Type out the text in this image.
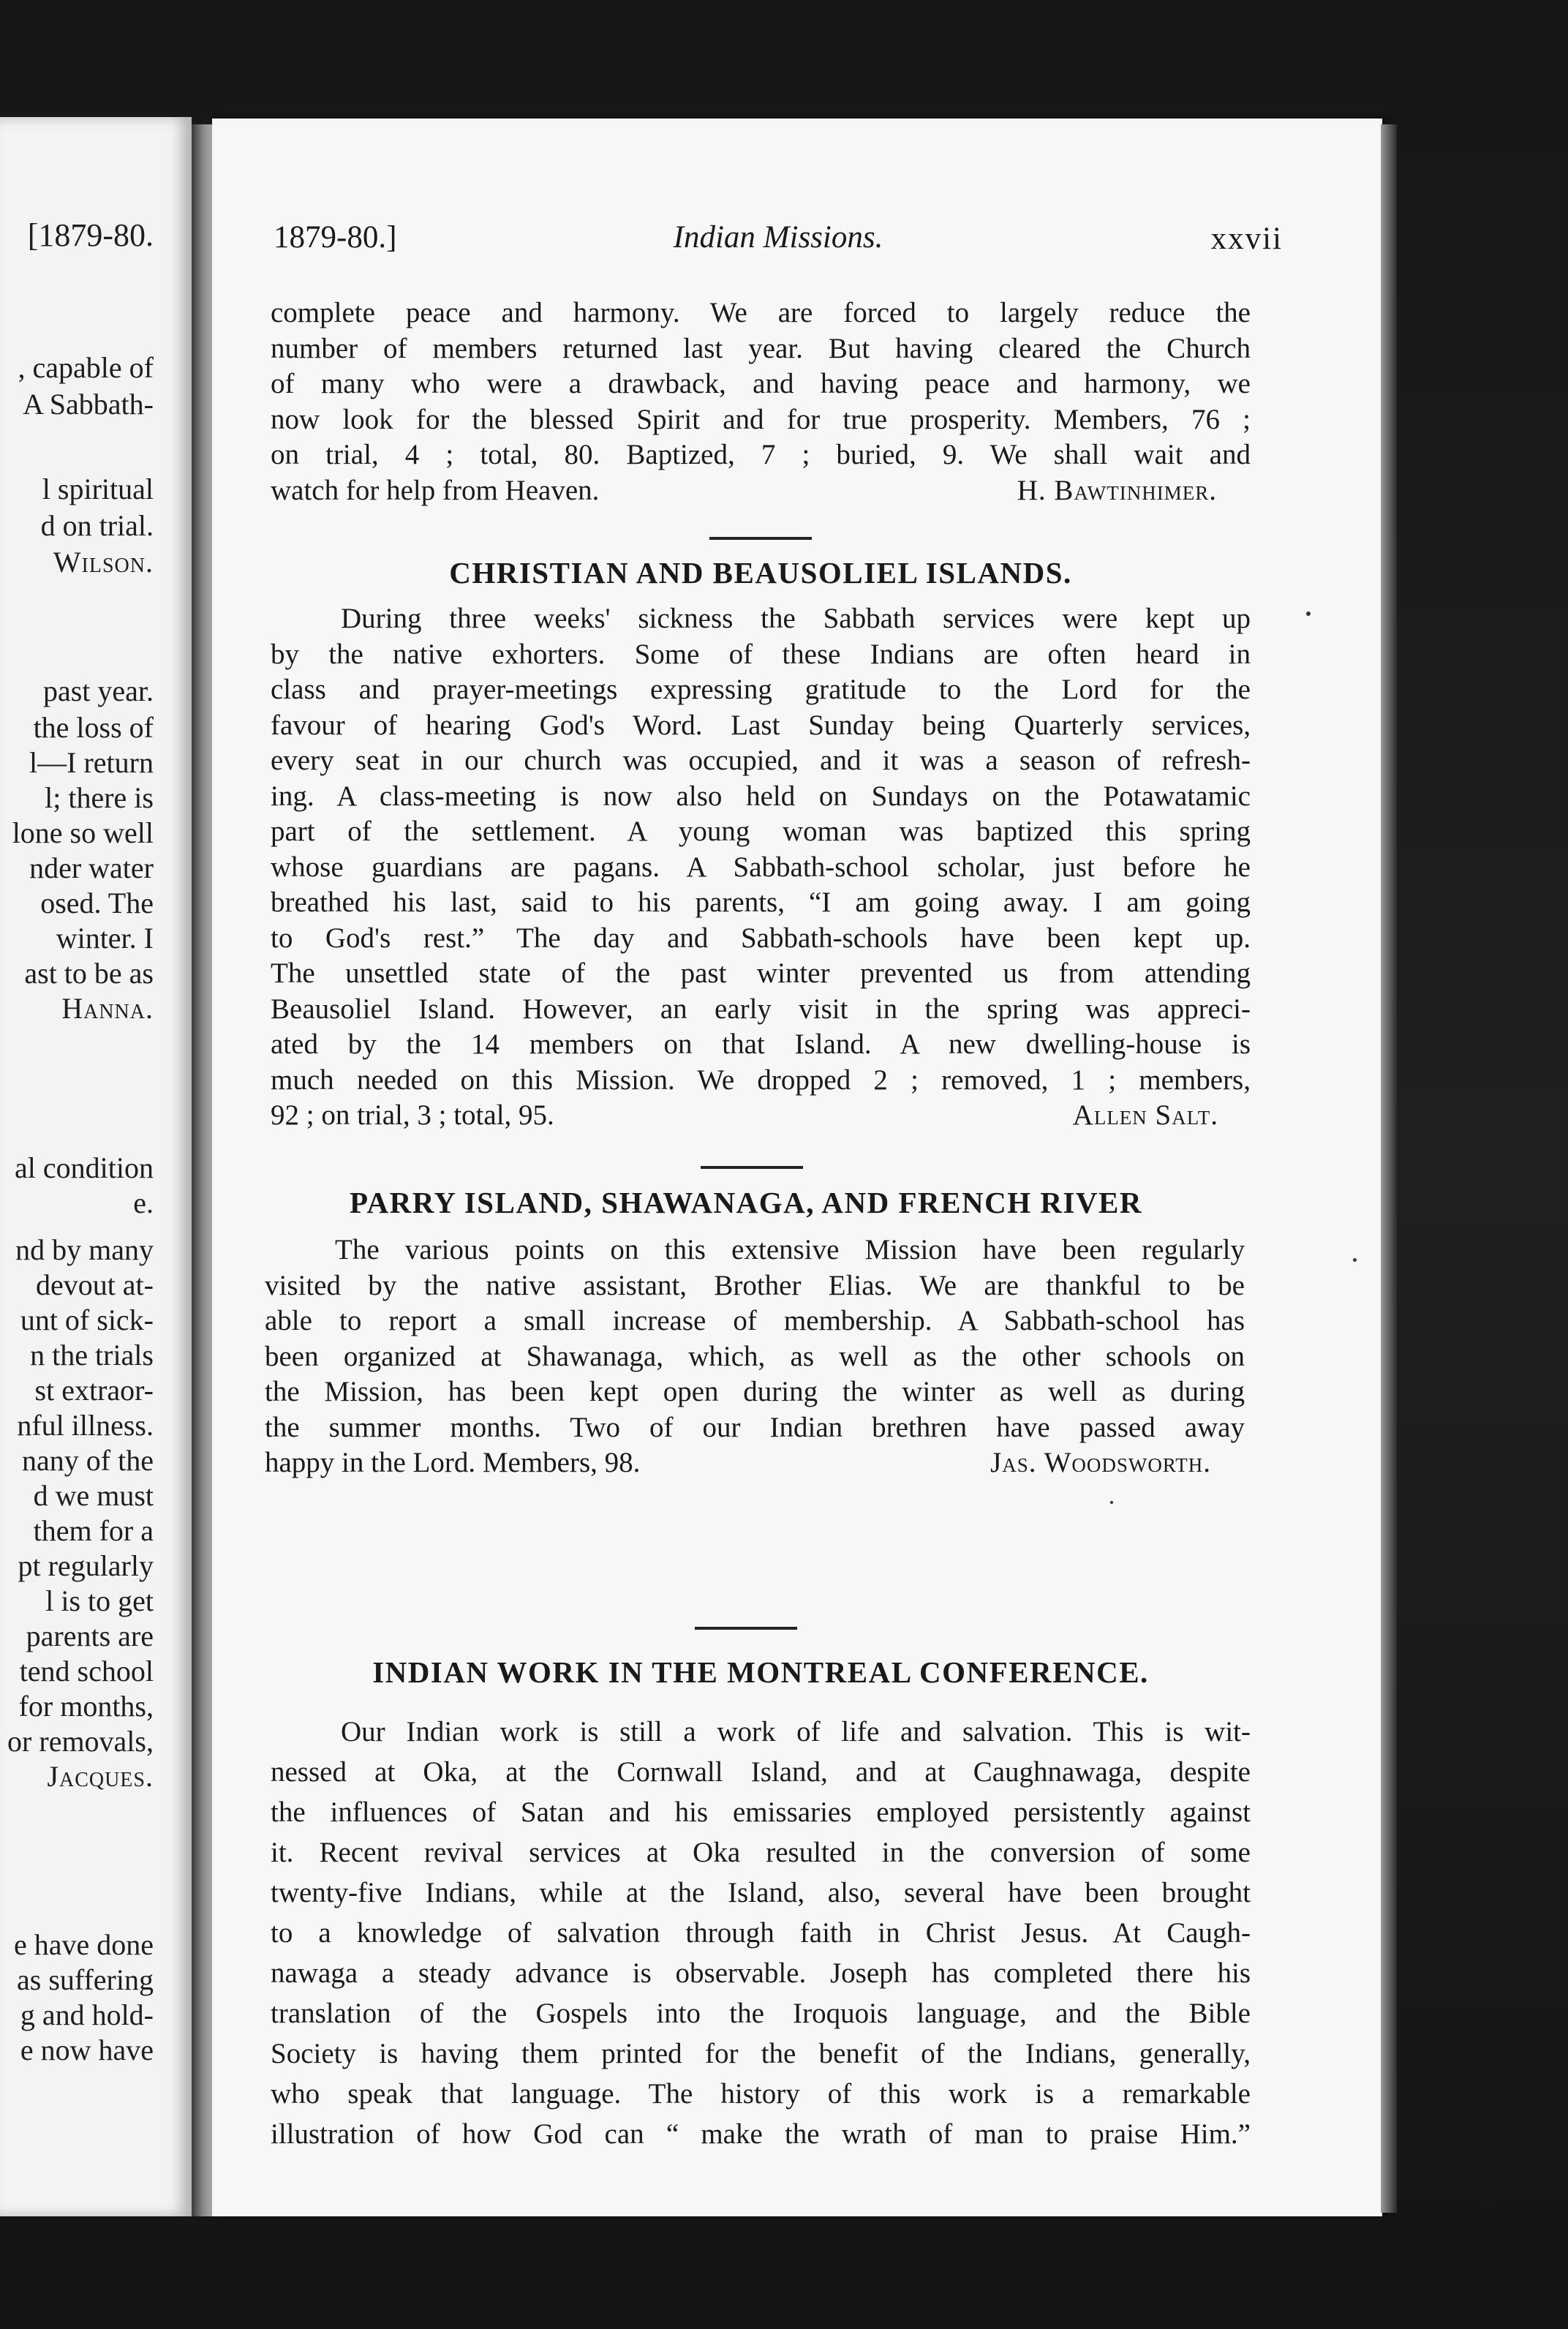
[1879-80.
, capable of
A Sabbath-
l spiritual
d on trial.
Wilson.
past year.
the loss of
l—I return
l; there is
lone so well
nder water
osed. The
winter. I
ast to be as
Hanna.
al condition
e.
nd by many
devout at-
unt of sick-
n the trials
st extraor-
nful illness.
nany of the
d we must
them for a
pt regularly
l is to get
parents are
tend school
for months,
or removals,
Jacques.
e have done
as suffering
g and hold-
e now have
1879-80.]	Indian Missions.	xxvii
complete peace and harmony. We are forced to largely reduce the
number of members returned last year. But having cleared the Church
of many who were a drawback, and having peace and harmony, we
now look for the blessed Spirit and for true prosperity. Members, 76 ;
on trial, 4 ; total, 80. Baptized, 7 ; buried, 9. We shall wait and
watch for help from Heaven.	H. Bawtinhimer.
CHRISTIAN AND BEAUSOLIEL ISLANDS.
During three weeks' sickness the Sabbath services were kept up
by the native exhorters. Some of these Indians are often heard in
class and prayer-meetings expressing gratitude to the Lord for the
favour of hearing God's Word. Last Sunday being Quarterly services,
every seat in our church was occupied, and it was a season of refresh-
ing. A class-meeting is now also held on Sundays on the Potawatamic
part of the settlement. A young woman was baptized this spring
whose guardians are pagans. A Sabbath-school scholar, just before he
breathed his last, said to his parents, “I am going away. I am going
to God's rest.” The day and Sabbath-schools have been kept up.
The unsettled state of the past winter prevented us from attending
Beausoliel Island. However, an early visit in the spring was appreci-
ated by the 14 members on that Island. A new dwelling-house is
much needed on this Mission. We dropped 2 ; removed, 1 ; members,
92 ; on trial, 3 ; total, 95.	Allen Salt.
PARRY ISLAND, SHAWANAGA, AND FRENCH RIVER
The various points on this extensive Mission have been regularly
visited by the native assistant, Brother Elias. We are thankful to be
able to report a small increase of membership. A Sabbath-school has
been organized at Shawanaga, which, as well as the other schools on
the Mission, has been kept open during the winter as well as during
the summer months. Two of our Indian brethren have passed away
happy in the Lord. Members, 98.	Jas. Woodsworth.
INDIAN WORK IN THE MONTREAL CONFERENCE.
Our Indian work is still a work of life and salvation. This is wit-
nessed at Oka, at the Cornwall Island, and at Caughnawaga, despite
the influences of Satan and his emissaries employed persistently against
it. Recent revival services at Oka resulted in the conversion of some
twenty-five Indians, while at the Island, also, several have been brought
to a knowledge of salvation through faith in Christ Jesus. At Caugh-
nawaga a steady advance is observable. Joseph has completed there his
translation of the Gospels into the Iroquois language, and the Bible
Society is having them printed for the benefit of the Indians, generally,
who speak that language. The history of this work is a remarkable
illustration of how God can “ make the wrath of man to praise Him.”
